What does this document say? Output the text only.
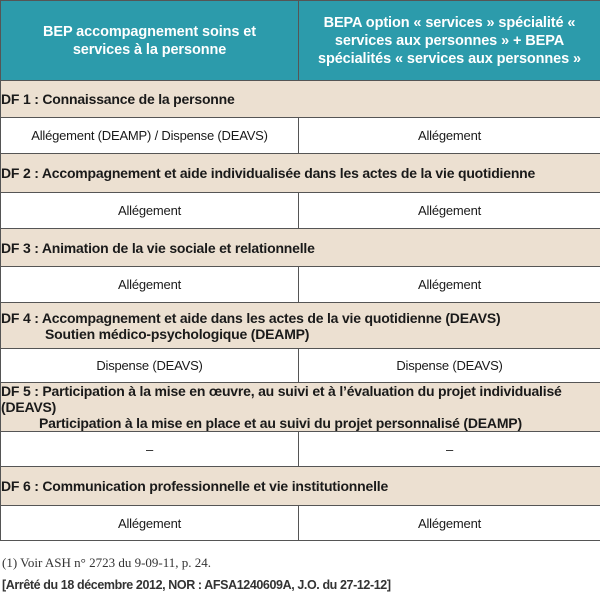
BEP accompagnement soins et services à la personne	BEPA option « services » spécialité « services aux personnes » + BEPA spécialités « services aux personnes »
DF 1 : Connaissance de la personne	
Allégement (DEAMP) / Dispense (DEAVS)	Allégement
DF 2 : Accompagnement et aide individualisée dans les actes de la vie quotidienne	
Allégement	Allégement
DF 3 : Animation de la vie sociale et relationnelle	
Allégement	Allégement
DF 4 : Accompagnement et aide dans les actes de la vie quotidienne (DEAVS)
Soutien médico-psychologique (DEAMP)	

Dispense (DEAVS)	Dispense (DEAVS)
DF 5 : Participation à la mise en œuvre, au suivi et à l’évaluation du projet individualisé (DEAVS)
Participation à la mise en place et au suivi du projet personnalisé (DEAMP)	

–	–
DF 6 : Communication professionnelle et vie institutionnelle	
Allégement	Allégement
(1) Voir ASH n° 2723 du 9-09-11, p. 24.
[Arrêté du 18 décembre 2012, NOR : AFSA1240609A, J.O. du 27-12-12]
